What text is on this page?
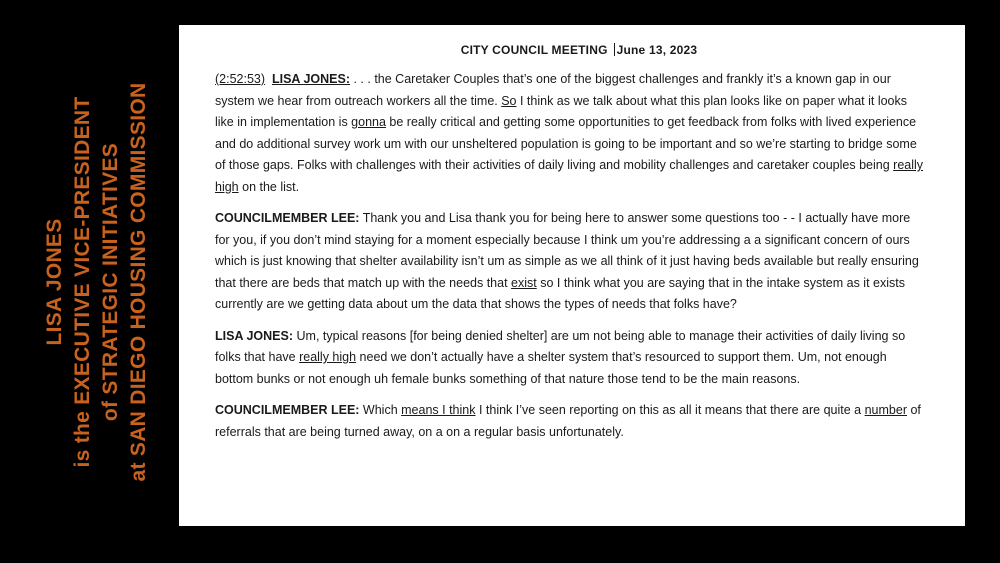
LISA JONES is the EXECUTIVE VICE-PRESIDENT of STRATEGIC INITIATIVES at SAN DIEGO HOUSING COMMISSION
CITY COUNCIL MEETING June 13, 2023

(2:52:53) LISA JONES: . . . the Caretaker Couples that’s one of the biggest challenges and frankly it’s a known gap in our system we hear from outreach workers all the time. So I think as we talk about what this plan looks like on paper what it looks like in implementation is gonna be really critical and getting some opportunities to get feedback from folks with lived experience and do additional survey work um with our unsheltered population is going to be important and so we’re starting to bridge some of those gaps. Folks with challenges with their activities of daily living and mobility challenges and caretaker couples being really high on the list.

COUNCILMEMBER LEE: Thank you and Lisa thank you for being here to answer some questions too - - I actually have more for you, if you don’t mind staying for a moment especially because I think um you’re addressing a a significant concern of ours which is just knowing that shelter availability isn’t um as simple as we all think of it just having beds available but really ensuring that there are beds that match up with the needs that exist so I think what you are saying that in the intake system as it exists currently are we getting data about um the data that shows the types of needs that folks have?

LISA JONES: Um, typical reasons [for being denied shelter] are um not being able to manage their activities of daily living so folks that have really high need we don’t actually have a shelter system that’s resourced to support them. Um, not enough bottom bunks or not enough uh female bunks something of that nature those tend to be the main reasons.

COUNCILMEMBER LEE: Which means I think I think I’ve seen reporting on this as all it means that there are quite a number of referrals that are being turned away, on a on a regular basis unfortunately.
